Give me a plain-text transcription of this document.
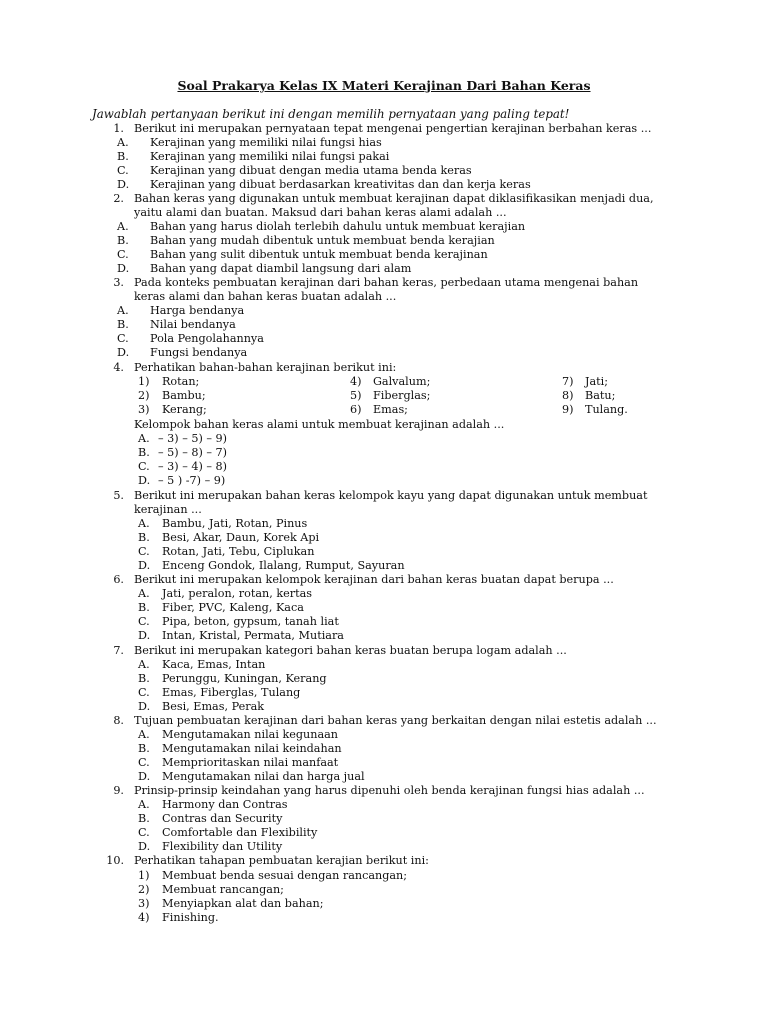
Soal Prakarya Kelas IX Materi Kerajinan Dari Bahan Keras
Jawablah pertanyaan berikut ini dengan memilih pernyataan yang paling tepat!
1. Berikut ini merupakan pernyataan tepat mengenai pengertian kerajinan berbahan keras ...
A.	Kerajinan yang memiliki nilai fungsi hias
B.	Kerajinan yang memiliki nilai fungsi pakai
C.	Kerajinan yang dibuat dengan media utama benda keras
D.	Kerajinan yang dibuat berdasarkan kreativitas dan dan kerja keras
2. Bahan keras yang digunakan untuk membuat kerajinan dapat diklasifikasikan menjadi dua,
yaitu alami dan buatan. Maksud dari bahan keras alami adalah ...
A.	Bahan yang harus diolah terlebih dahulu untuk membuat kerajian
B.	Bahan yang mudah dibentuk untuk membuat benda kerajian
C.	Bahan yang sulit dibentuk untuk membuat benda kerajinan
D.	Bahan yang dapat diambil langsung dari alam
3. Pada konteks pembuatan kerajinan dari bahan keras, perbedaan utama mengenai bahan
keras alami dan bahan keras buatan adalah ...
A.	Harga bendanya
B.	Nilai bendanya
C.	Pola Pengolahannya
D.	Fungsi bendanya
4. Perhatikan bahan-bahan kerajinan berikut ini:
1) Rotan;	4) Galvalum;	7) Jati;
2) Bambu;	5) Fiberglas;	8) Batu;
3) Kerang;	6) Emas;	9) Tulang.
Kelompok bahan keras alami untuk membuat kerajinan adalah ...
A. – 3) – 5) – 9)
B. – 5) – 8) – 7)
C. – 3) – 4) – 8)
D. – 5 ) -7) – 9)
5. Berikut ini merupakan bahan keras kelompok kayu yang dapat digunakan untuk membuat
kerajinan ...
A.	Bambu, Jati, Rotan, Pinus
B.	Besi, Akar, Daun, Korek Api
C.	Rotan, Jati, Tebu, Ciplukan
D.	Enceng Gondok, Ilalang, Rumput, Sayuran
6. Berikut ini merupakan kelompok kerajinan dari bahan keras buatan dapat berupa ...
A.	Jati, peralon, rotan, kertas
B.	Fiber, PVC, Kaleng, Kaca
C.	Pipa, beton, gypsum, tanah liat
D.	Intan, Kristal, Permata, Mutiara
7. Berikut ini merupakan kategori bahan keras buatan berupa logam adalah ...
A.	Kaca, Emas, Intan
B.	Perunggu, Kuningan, Kerang
C.	Emas, Fiberglas, Tulang
D.	Besi, Emas, Perak
8. Tujuan pembuatan kerajinan dari bahan keras yang berkaitan dengan nilai estetis adalah ...
A.	Mengutamakan nilai kegunaan
B.	Mengutamakan nilai keindahan
C.	Memprioritaskan nilai manfaat
D.	Mengutamakan nilai dan harga jual
9. Prinsip-prinsip keindahan yang harus dipenuhi oleh benda kerajinan fungsi hias adalah ...
A.	Harmony dan Contras
B.	Contras dan Security
C.	Comfortable dan Flexibility
D.	Flexibility dan Utility
10. Perhatikan tahapan pembuatan kerajian berikut ini:
1)	Membuat benda sesuai dengan rancangan;
2)	Membuat rancangan;
3)	Menyiapkan alat dan bahan;
4)	Finishing.
